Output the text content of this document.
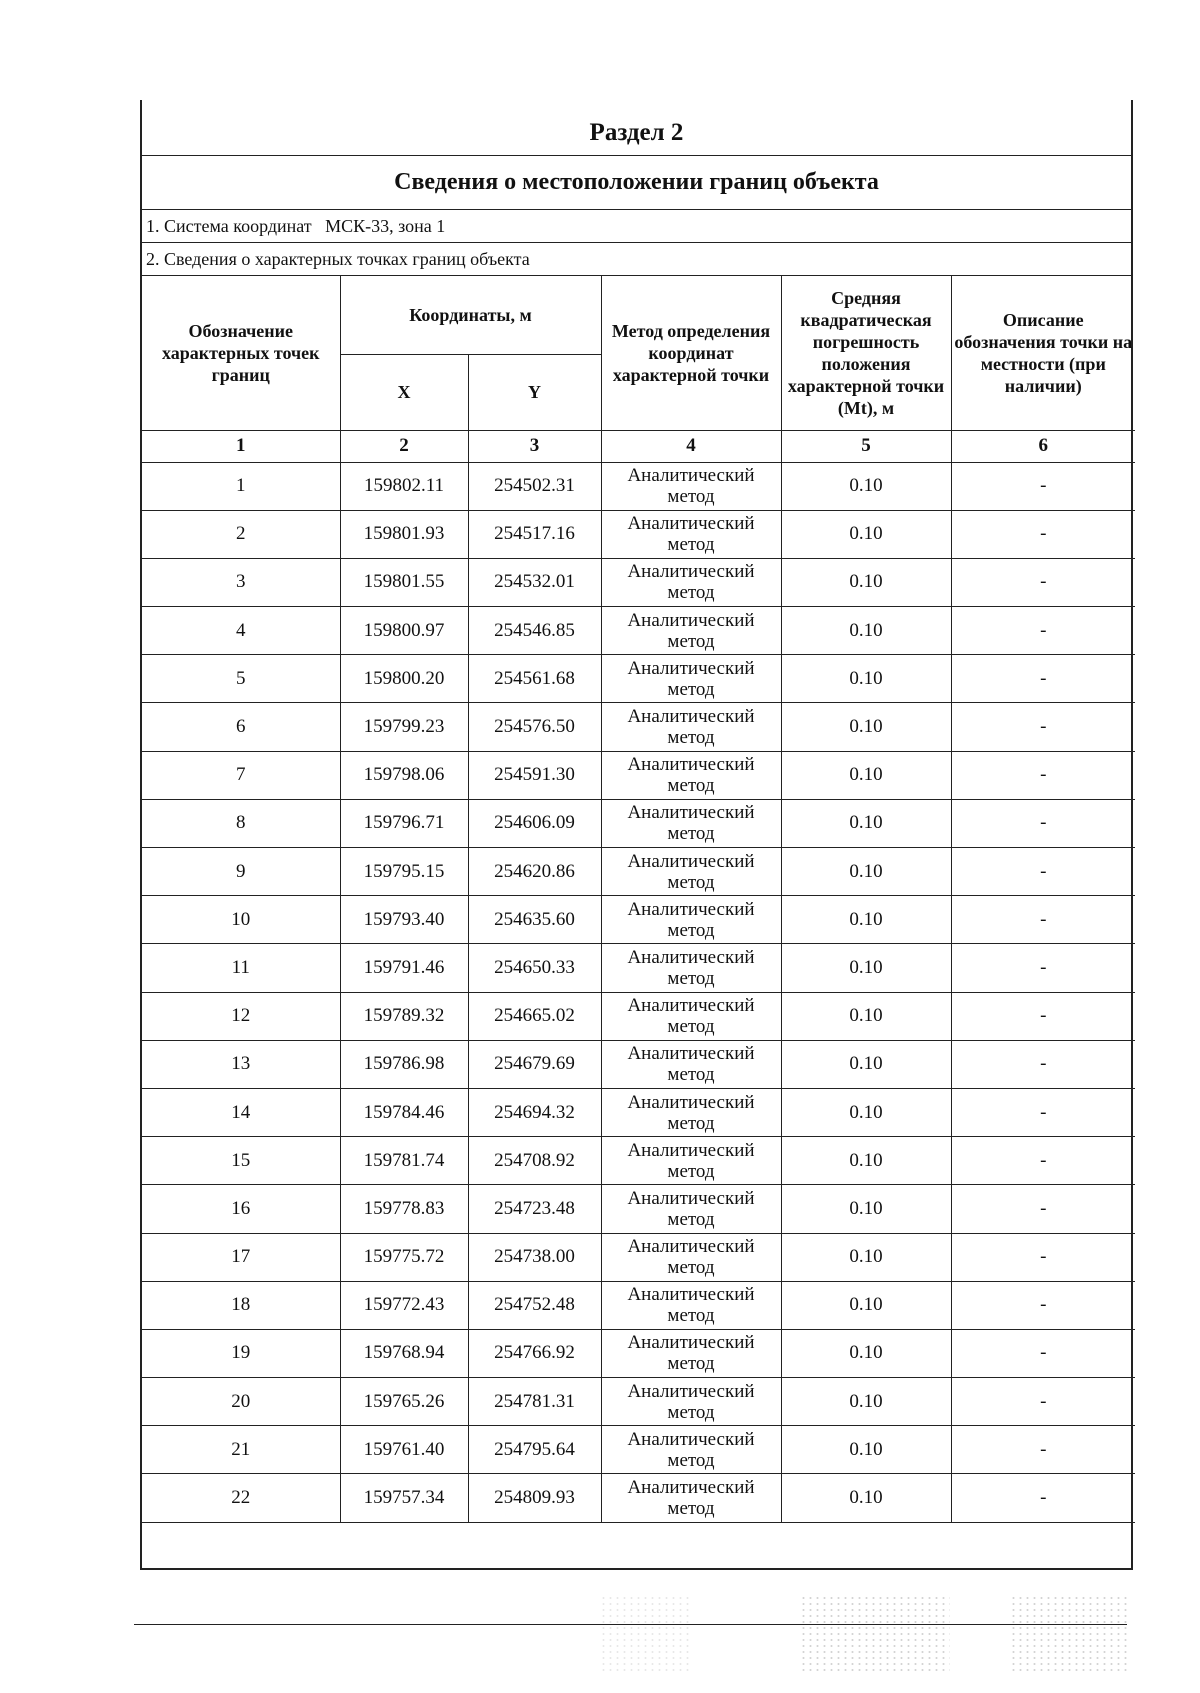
Раздел 2
Сведения о местоположении границ объекта
1. Система координат   МСК-33, зона 1
2. Сведения о характерных точках границ объекта
Обозначение характерных точек границ	Координаты, м		Метод определения координат характерной точки	Средняя квадратическая погрешность положения характерной точки (Mt), м	Описание обозначения точки на местности (при наличии)
	X	Y			
1	2	3	4	5	6
1	159802.11	254502.31	Аналитический метод	0.10	-
2	159801.93	254517.16	Аналитический метод	0.10	-
3	159801.55	254532.01	Аналитический метод	0.10	-
4	159800.97	254546.85	Аналитический метод	0.10	-
5	159800.20	254561.68	Аналитический метод	0.10	-
6	159799.23	254576.50	Аналитический метод	0.10	-
7	159798.06	254591.30	Аналитический метод	0.10	-
8	159796.71	254606.09	Аналитический метод	0.10	-
9	159795.15	254620.86	Аналитический метод	0.10	-
10	159793.40	254635.60	Аналитический метод	0.10	-
11	159791.46	254650.33	Аналитический метод	0.10	-
12	159789.32	254665.02	Аналитический метод	0.10	-
13	159786.98	254679.69	Аналитический метод	0.10	-
14	159784.46	254694.32	Аналитический метод	0.10	-
15	159781.74	254708.92	Аналитический метод	0.10	-
16	159778.83	254723.48	Аналитический метод	0.10	-
17	159775.72	254738.00	Аналитический метод	0.10	-
18	159772.43	254752.48	Аналитический метод	0.10	-
19	159768.94	254766.92	Аналитический метод	0.10	-
20	159765.26	254781.31	Аналитический метод	0.10	-
21	159761.40	254795.64	Аналитический метод	0.10	-
22	159757.34	254809.93	Аналитический метод	0.10	-
